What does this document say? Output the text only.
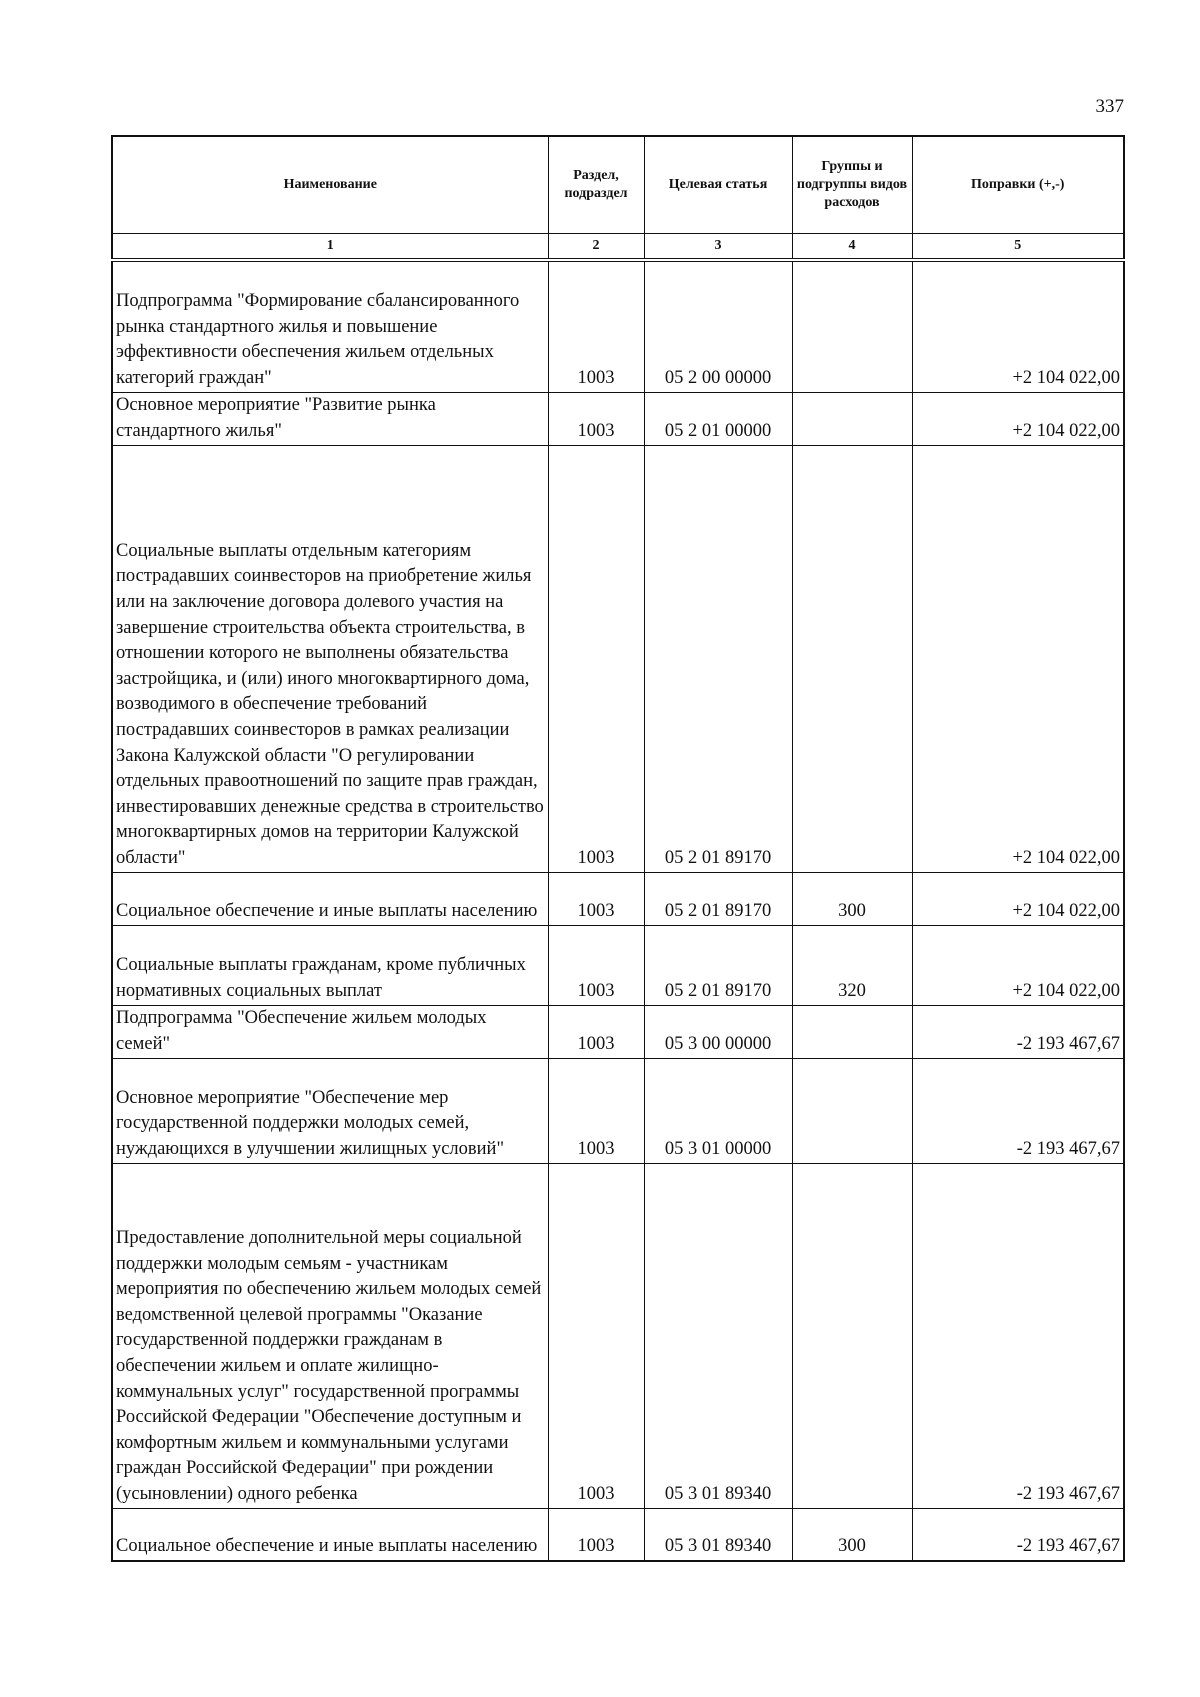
337
Наименование	Раздел, подраздел	Целевая статья	Группы и подгруппы видов расходов	Поправки (+,-)
1	2	3	4	5
Подпрограмма "Формирование сбалансированного рынка стандартного жилья и повышение эффективности обеспечения жильем отдельных категорий граждан"	1003	05 2 00 00000		+2 104 022,00
Основное мероприятие "Развитие рынка стандартного жилья"	1003	05 2 01 00000		+2 104 022,00
Социальные выплаты отдельным категориям пострадавших соинвесторов на приобретение жилья или на заключение договора долевого участия на завершение строительства объекта строительства, в отношении которого не выполнены обязательства застройщика, и (или) иного многоквартирного дома, возводимого в обеспечение требований пострадавших соинвесторов в рамках реализации Закона Калужской области "О регулировании отдельных правоотношений по защите прав граждан, инвестировавших денежные средства в строительство многоквартирных домов на территории Калужской области"	1003	05 2 01 89170		+2 104 022,00
Социальное обеспечение и иные выплаты населению	1003	05 2 01 89170	300	+2 104 022,00
Социальные выплаты гражданам, кроме публичных нормативных социальных выплат	1003	05 2 01 89170	320	+2 104 022,00
Подпрограмма "Обеспечение жильем молодых семей"	1003	05 3 00 00000		-2 193 467,67
Основное мероприятие "Обеспечение мер государственной поддержки молодых семей, нуждающихся в улучшении жилищных условий"	1003	05 3 01 00000		-2 193 467,67
Предоставление дополнительной меры социальной поддержки молодым семьям - участникам мероприятия по обеспечению жильем молодых семей ведомственной целевой программы "Оказание государственной поддержки гражданам в обеспечении жильем и оплате жилищно-коммунальных услуг" государственной программы Российской Федерации "Обеспечение доступным и комфортным жильем и коммунальными услугами граждан Российской Федерации" при рождении (усыновлении) одного ребенка	1003	05 3 01 89340		-2 193 467,67
Социальное обеспечение и иные выплаты населению	1003	05 3 01 89340	300	-2 193 467,67
